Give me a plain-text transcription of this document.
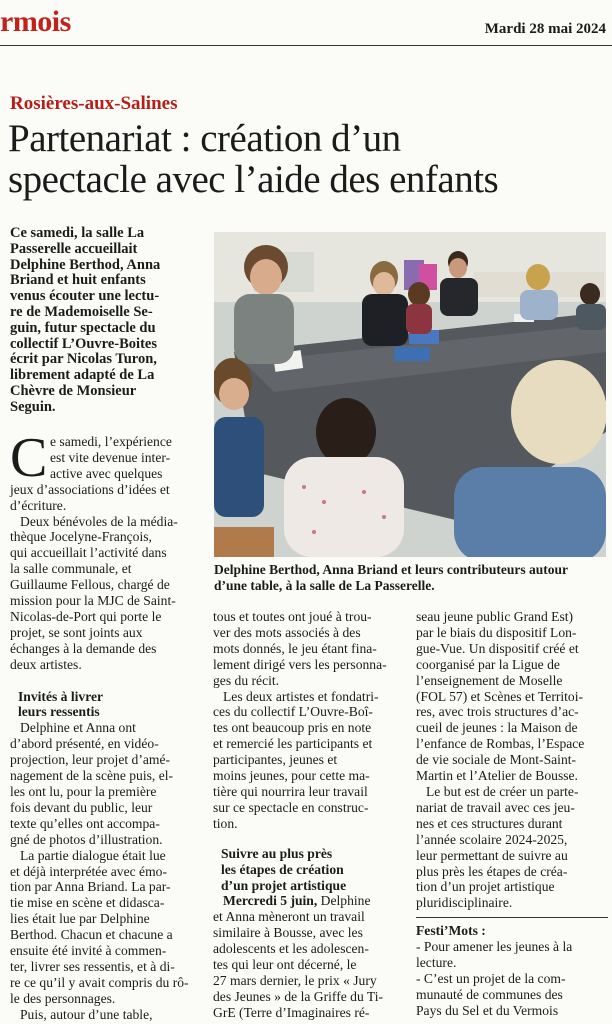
rmois	Mardi 28 mai 2024
Rosières-aux-Salines
Partenariat : création d’un
spectacle avec l’aide des enfants
Ce samedi, la salle La
Passerelle accueillait
Delphine Berthod, Anna
Briand et huit enfants
venus écouter une lectu-
re de Mademoiselle Se-
guin, futur spectacle du
collectif L’Ouvre-Boites
écrit par Nicolas Turon,
librement adapté de La
Chèvre de Monsieur
Seguin.
Delphine Berthod, Anna Briand et leurs contributeurs autour
d’une table, à la salle de La Passerelle.
C e samedi, l’expérience
est vite devenue inter-
active avec quelques
jeux d’associations d’idées et
d’écriture.
Deux bénévoles de la média-
thèque Jocelyne-François,
qui accueillait l’activité dans
la salle communale, et
Guillaume Fellous, chargé de
mission pour la MJC de Saint-
Nicolas-de-Port qui porte le
projet, se sont joints aux
échanges à la demande des
deux artistes.
Invités à livrer
leurs ressentis
Delphine et Anna ont
d’abord présenté, en vidéo-
projection, leur projet d’amé-
nagement de la scène puis, el-
les ont lu, pour la première
fois devant du public, leur
texte qu’elles ont accompa-
gné de photos d’illustration.
La partie dialogue était lue
et déjà interprétée avec émo-
tion par Anna Briand. La par-
tie mise en scène et didasca-
lies était lue par Delphine
Berthod. Chacun et chacune a
ensuite été invité à commen-
ter, livrer ses ressentis, et à di-
re ce qu’il y avait compris du rô-
le des personnages.
Puis, autour d’une table,
tous et toutes ont joué à trou-
ver des mots associés à des
mots donnés, le jeu étant fina-
lement dirigé vers les personna-
ges du récit.
Les deux artistes et fondatri-
ces du collectif L’Ouvre-Boî-
tes ont beaucoup pris en note
et remercié les participants et
participantes, jeunes et
moins jeunes, pour cette ma-
tière qui nourrira leur travail
sur ce spectacle en construc-
tion.
Suivre au plus près
les étapes de création
d’un projet artistique
Mercredi 5 juin, Delphine
et Anna mèneront un travail
similaire à Bousse, avec les
adolescents et les adolescen-
tes qui leur ont décerné, le
27 mars dernier, le prix « Jury
des Jeunes » de la Griffe du Ti-
GrE (Terre d’Imaginaires ré-
seau jeune public Grand Est)
par le biais du dispositif Lon-
gue-Vue. Un dispositif créé et
coorganisé par la Ligue de
l’enseignement de Moselle
(FOL 57) et Scènes et Territoi-
res, avec trois structures d’ac-
cueil de jeunes : la Maison de
l’enfance de Rombas, l’Espace
de vie sociale de Mont-Saint-
Martin et l’Atelier de Bousse.
Le but est de créer un parte-
nariat de travail avec ces jeu-
nes et ces structures durant
l’année scolaire 2024-2025,
leur permettant de suivre au
plus près les étapes de créa-
tion d’un projet artistique
pluridisciplinaire.
Festi’Mots :
- Pour amener les jeunes à la
lecture.
- C’est un projet de la com-
munauté de communes des
Pays du Sel et du Vermois
